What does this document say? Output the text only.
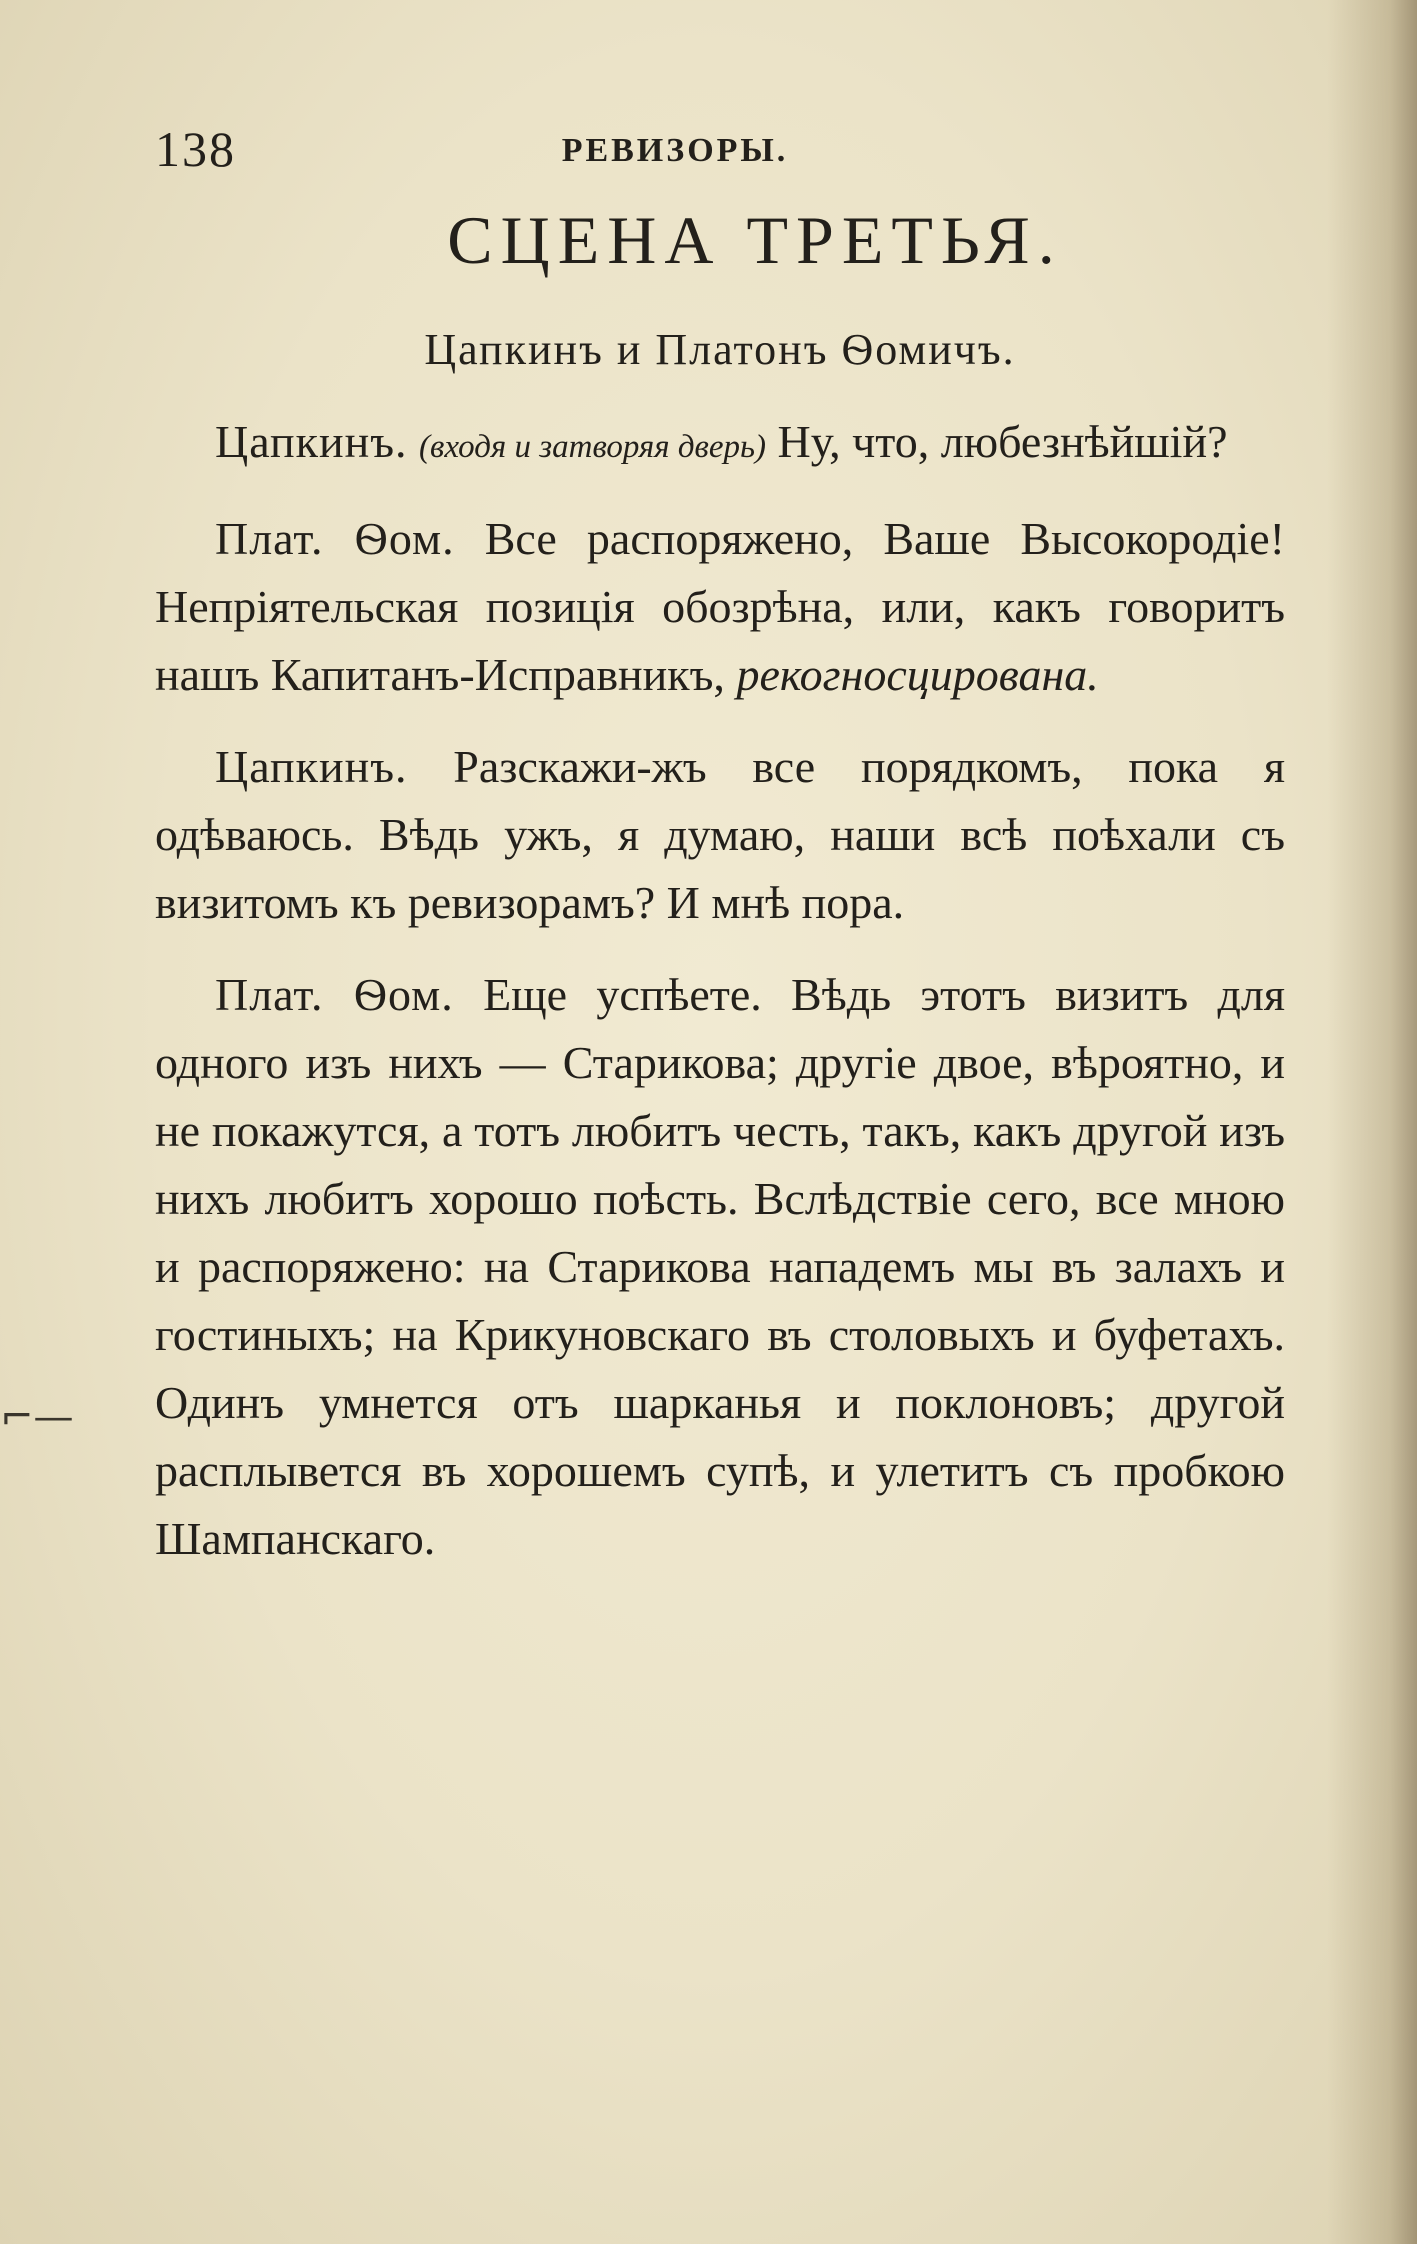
⌐—
138	РЕВИЗОРЫ.
СЦЕНА ТРЕТЬЯ.
Цапкинъ и Платонъ Ѳомичъ.

Цапкинъ. (входя и затворяя дверь) Ну, что, любезнѣйшій?

Плат. Ѳом. Все распоряжено, Ваше Высокородіе! Непріятельская позиція обозрѣна, или, какъ говоритъ нашъ Капитанъ-Исправникъ, рекогносцирована.

Цапкинъ. Разскажи-жъ все порядкомъ, пока я одѣваюсь. Вѣдь ужъ, я думаю, наши всѣ поѣхали съ визитомъ къ ревизорамъ? И мнѣ пора.

Плат. Ѳом. Еще успѣете. Вѣдь этотъ визитъ для одного изъ нихъ — Старикова; другіе двое, вѣроятно, и не покажутся, а тотъ любитъ честь, такъ, какъ другой изъ нихъ любитъ хорошо поѣсть. Вслѣдствіе сего, все мною и распоряжено: на Старикова нападемъ мы въ залахъ и гостиныхъ; на Крикуновскаго въ столовыхъ и буфетахъ. Одинъ умнется отъ шарканья и поклоновъ; другой расплывется въ хорошемъ супѣ, и улетитъ съ пробкою Шампанскаго.
